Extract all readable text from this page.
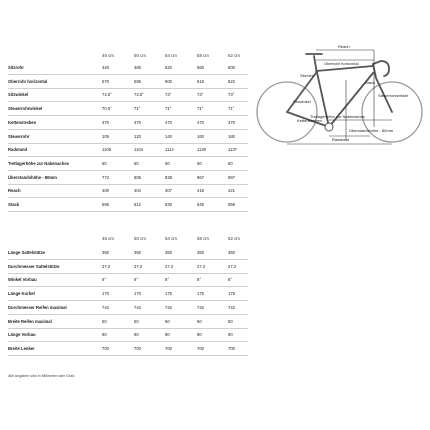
46 cm	50 cm	54 cm	58 cm	62 cm
Sitzrohr	440	480	520	560	600
Oberrohr horizontal	570	585	600	615	622
Sitzwinkel	74.5°	73.5°	73°	73°	73°
Steuerrohrwinkel	70.5°	71°	71°	71°	71°
Kettenstreben	470	470	470	470	470
Steuerrohr	105	120	140	160	180
Radstand	1105	1104	1114	1130	1137
Tretlagerhöhe zur Nabenachse	60	60	60	60	60
Überstandshöhe - 80mm	772	805	838	867	897
Reach	400	404	407	418	421
Stack	595	612	630	645	659
46 cm	50 cm	54 cm	58 cm	62 cm
Länge Sattelstütze	350	350	350	350	350
Durchmesser Sattelstütze	27.2	27.2	27.2	27.2	27.2
Winkel Vorbau	6°	6°	6°	6°	6°
Länge Kurbel	170	170	175	175	175
Durchmesser Reifen maximal	742	742	742	742	742
Breite Reifen maximal	50	50	50	50	50
Länge Vorbau	90	90	90	90	90
Breite Lenker	700	700	700	700	700
Alle Angaben sind in Millimeter oder Grad.
Reach
Oberrohr horizontal
Sitzrohr
Sitzwinkel
Steuerrohrwinkel
Stack
Tretlagerhöhe zur Nabenachse
Kettenstreben
Überstandshöhe - 80mm
Radstand
